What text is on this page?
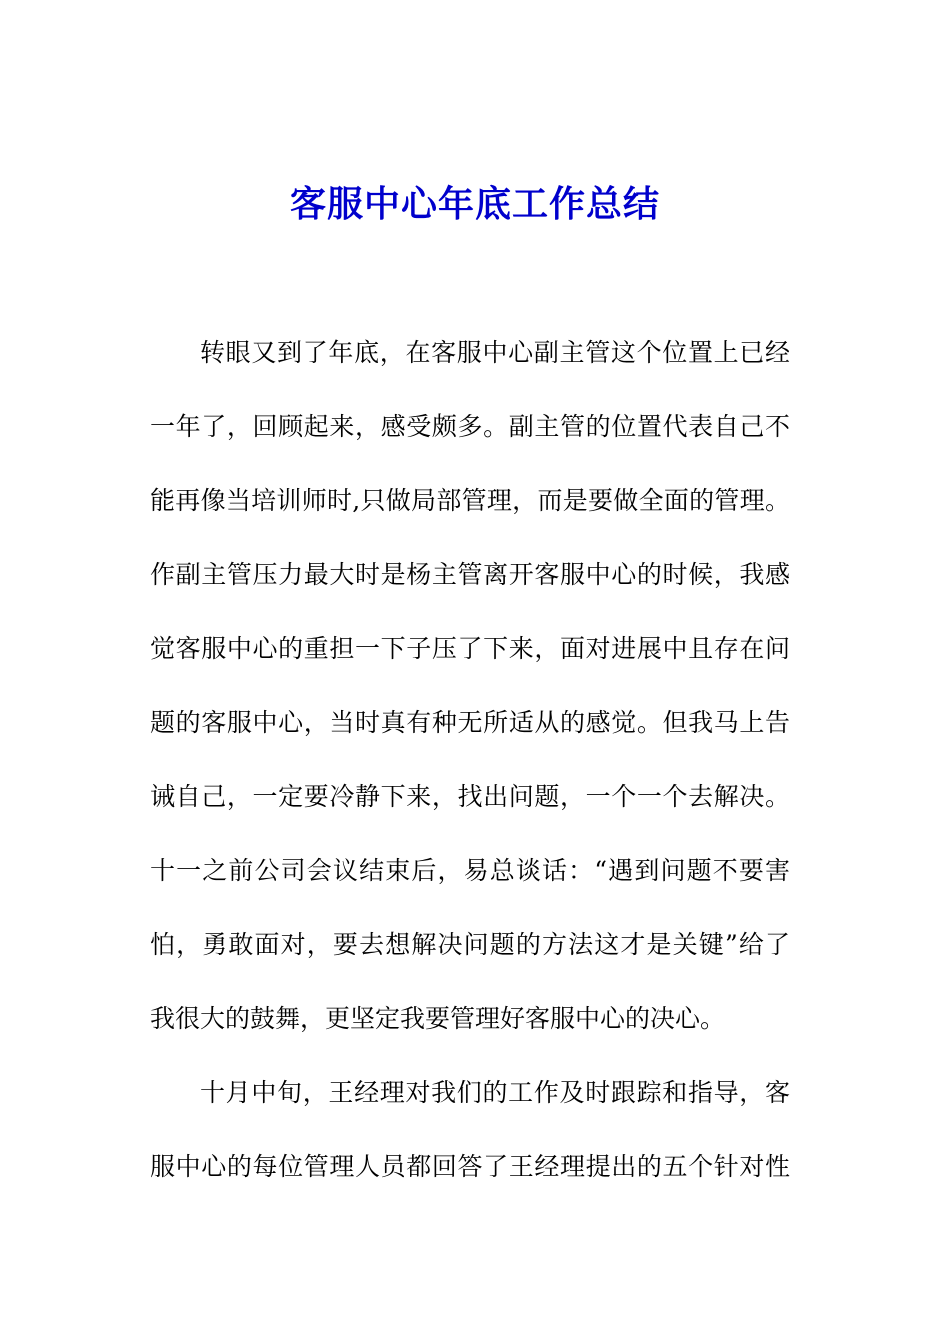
客服中心年底工作总结
转眼又到了年底，在客服中心副主管这个位置上已经
一年了，回顾起来，感受颇多。副主管的位置代表自己不
能再像当培训师时,只做局部管理，而是要做全面的管理。
作副主管压力最大时是杨主管离开客服中心的时候，我感
觉客服中心的重担一下子压了下来，面对进展中且存在问
题的客服中心，当时真有种无所适从的感觉。但我马上告
诫自己，一定要冷静下来，找出问题，一个一个去解决。
十一之前公司会议结束后，易总谈话：“遇到问题不要害
怕，勇敢面对，要去想解决问题的方法这才是关键”给了
我很大的鼓舞，更坚定我要管理好客服中心的决心。
十月中旬，王经理对我们的工作及时跟踪和指导，客
服中心的每位管理人员都回答了王经理提出的五个针对性
